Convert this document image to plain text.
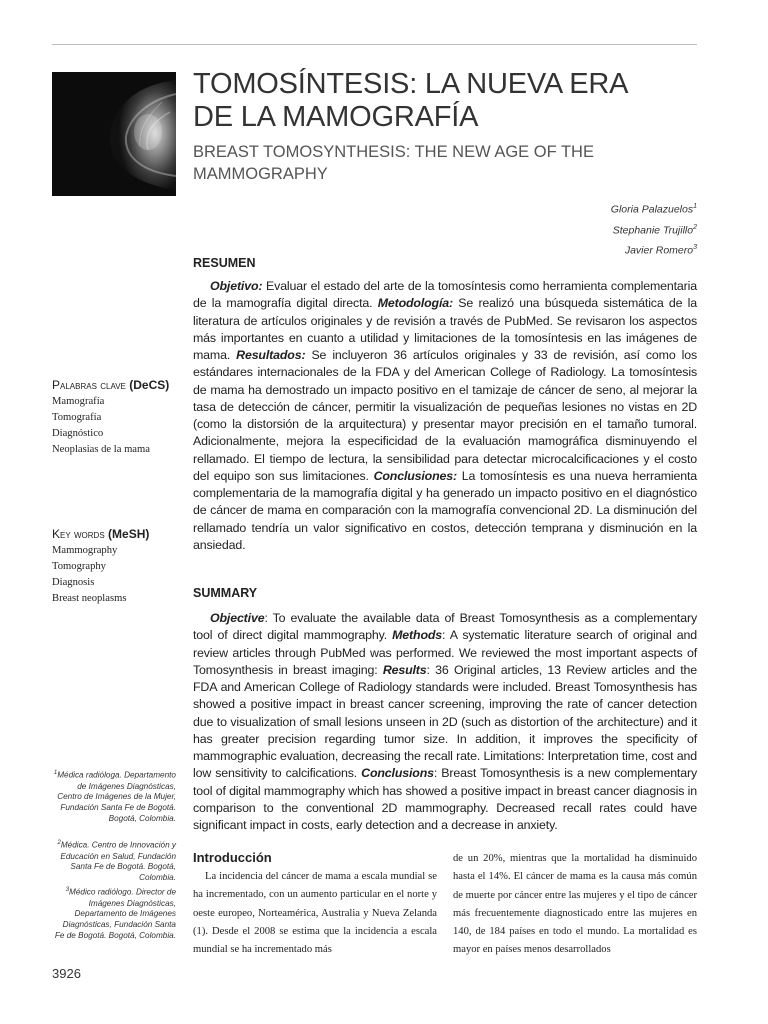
TOMOSÍNTESIS: LA NUEVA ERA
DE LA MAMOGRAFÍA
BREAST TOMOSYNTHESIS: THE NEW AGE OF THE MAMMOGRAPHY
Gloria Palazuelos$^1$
Stephanie Trujillo$^2$
Javier Romero$^3$
RESUMEN
Objetivo: Evaluar el estado del arte de la tomosíntesis como herramienta complementaria de la mamografía digital directa. Metodología: Se realizó una búsqueda sistemática de la literatura de artículos originales y de revisión a través de PubMed. Se revisaron los aspectos más importantes en cuanto a utilidad y limitaciones de la tomosíntesis en las imágenes de mama. Resultados: Se incluyeron 36 artículos originales y 33 de revisión, así como los estándares internacionales de la FDA y del American College of Radiology. La tomosíntesis de mama ha demostrado un impacto positivo en el tamizaje de cáncer de seno, al mejorar la tasa de detección de cáncer, permitir la visualización de pequeñas lesiones no vistas en 2D (como la distorsión de la arquitectura) y presentar mayor precisión en el tamaño tumoral. Adicionalmente, mejora la especificidad de la evaluación mamográfica disminuyendo el rellamado. El tiempo de lectura, la sensibilidad para detectar microcalcificaciones y el costo del equipo son sus limitaciones. Conclusiones: La tomosíntesis es una nueva herramienta complementaria de la mamografía digital y ha generado un impacto positivo en el diagnóstico de cáncer de mama en comparación con la mamografía convencional 2D. La disminución del rellamado tendría un valor significativo en costos, detección temprana y disminución en la ansiedad.
SUMMARY
Objective: To evaluate the available data of Breast Tomosynthesis as a complementary tool of direct digital mammography. Methods: A systematic literature search of original and review articles through PubMed was performed. We reviewed the most important aspects of Tomosynthesis in breast imaging: Results: 36 Original articles, 13 Review articles and the FDA and American College of Radiology standards were included. Breast Tomosynthesis has showed a positive impact in breast cancer screening, improving the rate of cancer detection due to visualization of small lesions unseen in 2D (such as distortion of the architecture) and it has greater precision regarding tumor size. In addition, it improves the specificity of mammographic evaluation, decreasing the recall rate. Limitations: Interpretation time, cost and low sensitivity to calcifications. Conclusions: Breast Tomosynthesis is a new complementary tool of digital mammography which has showed a positive impact in breast cancer diagnosis in comparison to the conventional 2D mammography. Decreased recall rates could have significant impact in costs, early detection and a decrease in anxiety.
Palabras clave (DeCS)
Mamografía
Tomografía
Diagnóstico
Neoplasias de la mama
Key words (MeSH)
Mammography
Tomography
Diagnosis
Breast neoplasms
$^1$Médica radióloga. Departamento de Imágenes Diagnósticas, Centro de Imágenes de la Mujer, Fundación Santa Fe de Bogotá. Bogotá, Colombia.
$^2$Médica. Centro de Innovación y Educación en Salud, Fundación Santa Fe de Bogotá. Bogotá, Colombia.
$^3$Médico radiólogo. Director de Imágenes Diagnósticas, Departamento de Imágenes Diagnósticas, Fundación Santa Fe de Bogotá. Bogotá, Colombia.
Introducción
La incidencia del cáncer de mama a escala mundial se ha incrementado, con un aumento particular en el norte y oeste europeo, Norteamérica, Australia y Nueva Zelanda (1). Desde el 2008 se estima que la incidencia a escala mundial se ha incrementado más
de un 20%, mientras que la mortalidad ha disminuido hasta el 14%. El cáncer de mama es la causa más común de muerte por cáncer entre las mujeres y el tipo de cáncer más frecuentemente diagnosticado entre las mujeres en 140, de 184 países en todo el mundo. La mortalidad es mayor en países menos desarrollados
3926
